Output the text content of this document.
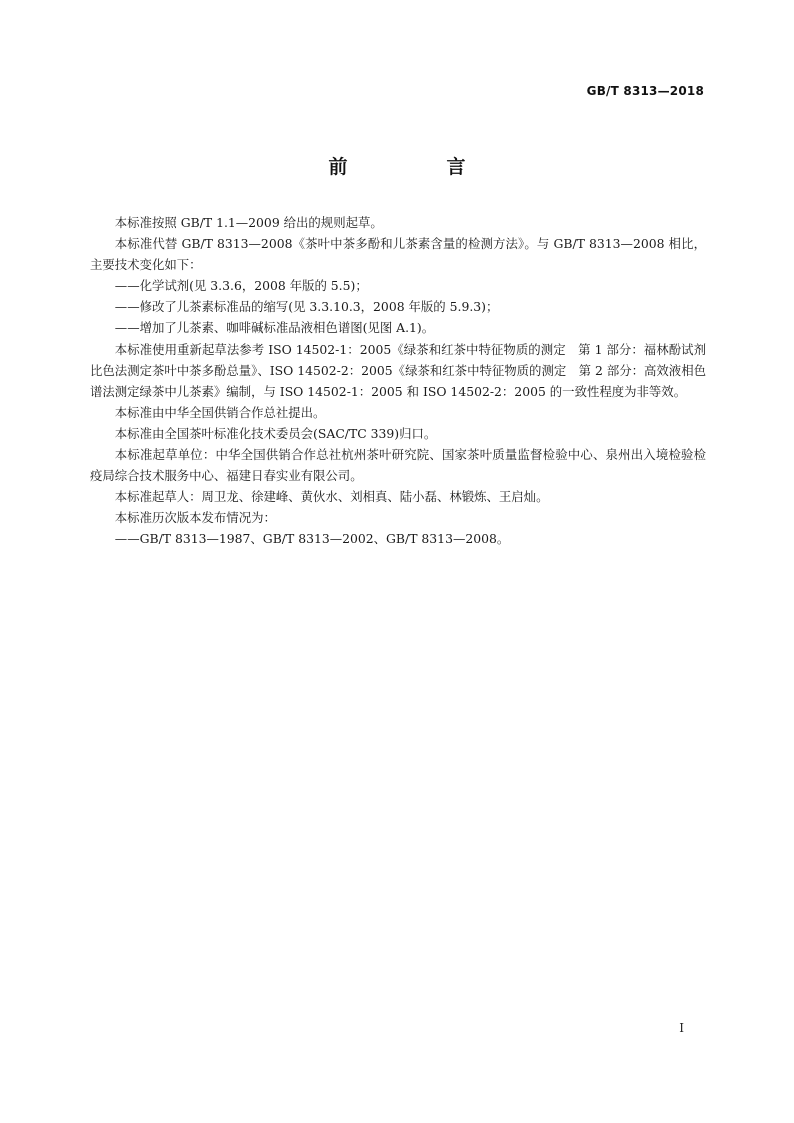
GB/T 8313—2018
前　言

本标准按照 GB/T 1.1—2009 给出的规则起草。

本标准代替 GB/T 8313—2008《茶叶中茶多酚和儿茶素含量的检测方法》。与 GB/T 8313—2008 相比，主要技术变化如下：

——化学试剂(见 3.3.6，2008 年版的 5.5)；

——修改了儿茶素标准品的缩写(见 3.3.10.3，2008 年版的 5.9.3)；

——增加了儿茶素、咖啡碱标准品液相色谱图(见图 A.1)。

本标准使用重新起草法参考 ISO 14502-1：2005《绿茶和红茶中特征物质的测定　第 1 部分：福林酚试剂比色法测定茶叶中茶多酚总量》、ISO 14502-2：2005《绿茶和红茶中特征物质的测定　第 2 部分：高效液相色谱法测定绿茶中儿茶素》编制，与 ISO 14502-1：2005 和 ISO 14502-2：2005 的一致性程度为非等效。

本标准由中华全国供销合作总社提出。

本标准由全国茶叶标准化技术委员会(SAC/TC 339)归口。

本标准起草单位：中华全国供销合作总社杭州茶叶研究院、国家茶叶质量监督检验中心、泉州出入境检验检疫局综合技术服务中心、福建日春实业有限公司。

本标准起草人：周卫龙、徐建峰、黄伙水、刘相真、陆小磊、林锻炼、王启灿。

本标准历次版本发布情况为：

——GB/T 8313—1987、GB/T 8313—2002、GB/T 8313—2008。

I
